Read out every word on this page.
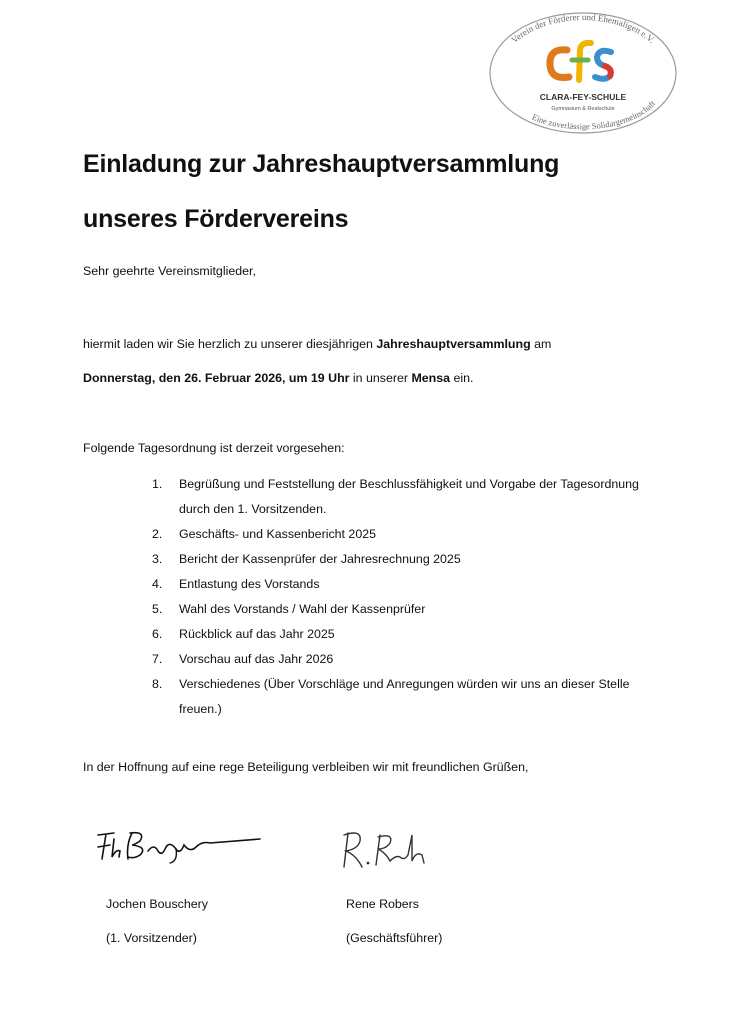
Verein der Förderer und Ehemaligen e.V.
Eine zuverlässige Solidargemeinschaft
CLARA-FEY-SCHULE
Gymnasium & Realschule
Einladung zur Jahreshauptversammlung
unseres Fördervereins
Sehr geehrte Vereinsmitglieder,
hiermit laden wir Sie herzlich zu unserer diesjährigen Jahreshauptversammlung am
Donnerstag, den 26. Februar 2026, um 19 Uhr in unserer Mensa ein.
Folgende Tagesordnung ist derzeit vorgesehen:
1. Begrüßung und Feststellung der Beschlussfähigkeit und Vorgabe der Tagesordnung durch den 1. Vorsitzenden.
2. Geschäfts- und Kassenbericht 2025
3. Bericht der Kassenprüfer der Jahresrechnung 2025
4. Entlastung des Vorstands
5. Wahl des Vorstands / Wahl der Kassenprüfer
6. Rückblick auf das Jahr 2025
7. Vorschau auf das Jahr 2026
8. Verschiedenes (Über Vorschläge und Anregungen würden wir uns an dieser Stelle freuen.)
In der Hoffnung auf eine rege Beteiligung verbleiben wir mit freundlichen Grüßen,
Jochen Bouschery
(1. Vorsitzender)
Rene Robers
(Geschäftsführer)
